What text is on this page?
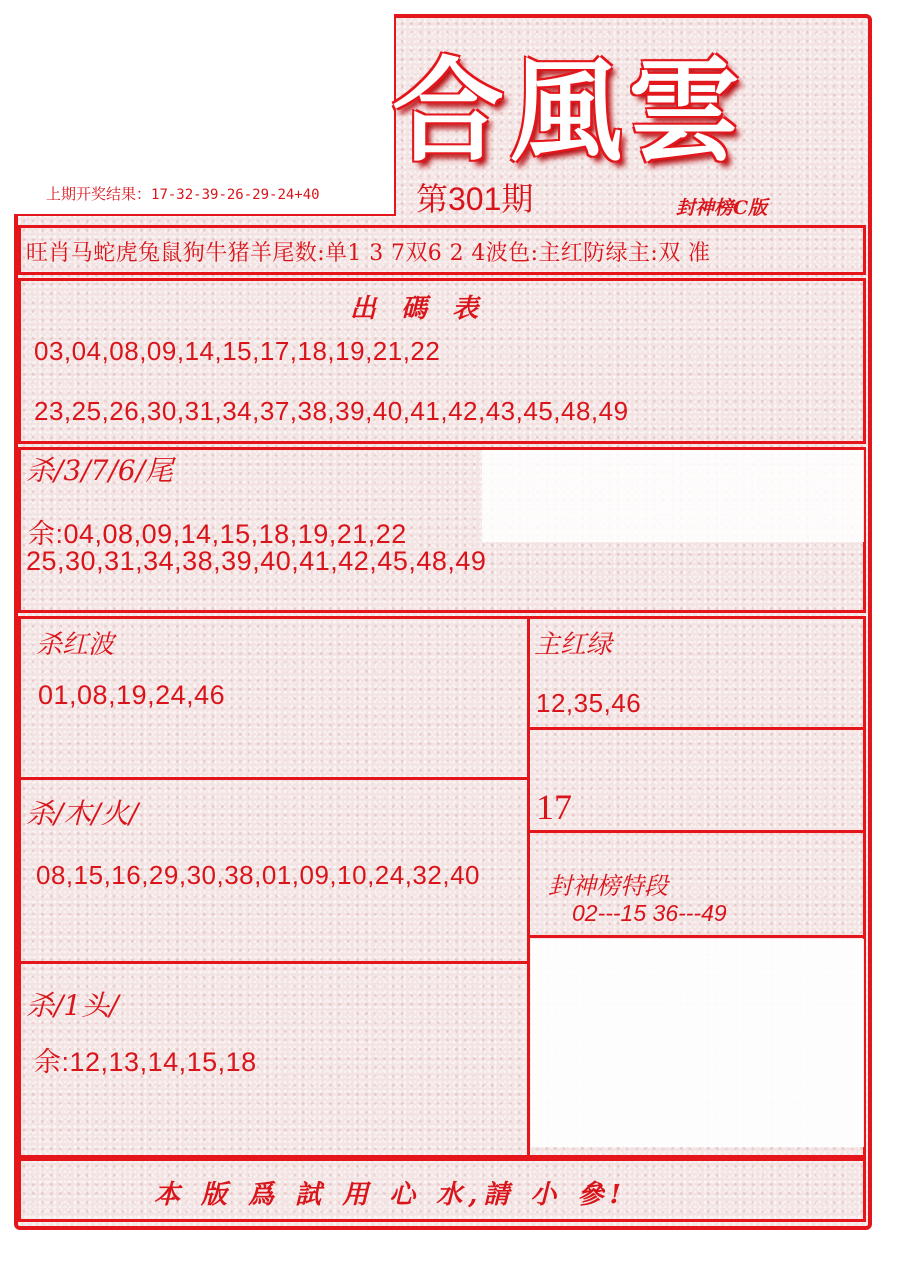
合風雲
上期开奖结果：17-32-39-26-29-24+40	第301期	封神榜C版
旺肖马蛇虎兔鼠狗牛猪羊尾数:单1 3 7双6 2 4波色:主红防绿主:双 准
出 碼 表
03,04,08,09,14,15,17,18,19,21,22
23,25,26,30,31,34,37,38,39,40,41,42,43,45,48,49
杀/3/7/6/尾
余:04,08,09,14,15,18,19,21,22
25,30,31,34,38,39,40,41,42,45,48,49
杀红波
01,08,19,24,46
杀/木/火/
08,15,16,29,30,38,01,09,10,24,32,40
杀/1头/
余:12,13,14,15,18
主红绿
12,35,46
17
封神榜特段
02---15 36---49
本 版 爲 試 用 心 水,請 小 參!
